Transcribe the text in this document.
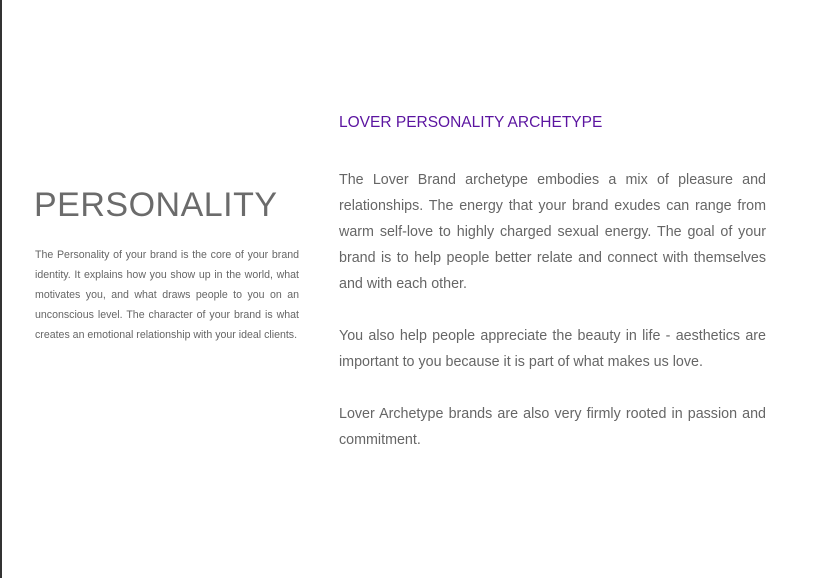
PERSONALITY

The Personality of your brand is the core of your brand identity. It explains how you show up in the world, what motivates you, and what draws people to you on an unconscious level. The character of your brand is what creates an emotional relationship with your ideal clients.

LOVER PERSONALITY ARCHETYPE

The Lover Brand archetype embodies a mix of pleasure and relationships. The energy that your brand exudes can range from warm self-love to highly charged sexual energy. The goal of your brand is to help people better relate and connect with themselves and with each other.

You also help people appreciate the beauty in life - aesthetics are important to you because it is part of what makes us love.

Lover Archetype brands are also very firmly rooted in passion and commitment.
